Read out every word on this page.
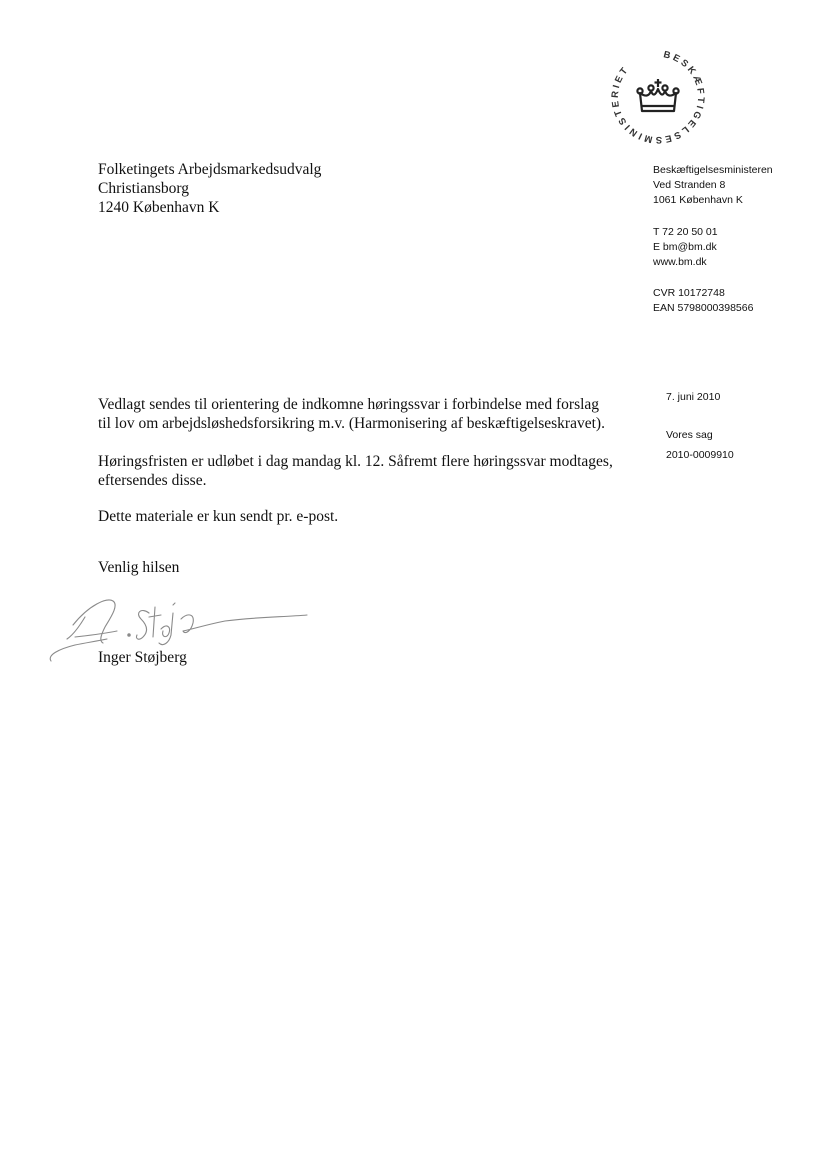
BESKÆFTIGELSESMINISTERIET
Folketingets Arbejdsmarkedsudvalg
Christiansborg
1240 København K
Beskæftigelsesministeren
Ved Stranden 8
1061 København K
T 72 20 50 01
E bm@bm.dk
www.bm.dk
CVR 10172748
EAN 5798000398566
7. juni 2010
Vores sag
2010-0009910
Vedlagt sendes til orientering de indkomne høringssvar i forbindelse med forslag
til lov om arbejdsløshedsforsikring m.v. (Harmonisering af beskæftigelseskravet).
Høringsfristen er udløbet i dag mandag kl. 12. Såfremt flere høringssvar modtages,
eftersendes disse.
Dette materiale er kun sendt pr. e-post.
Venlig hilsen
Inger Støjberg
